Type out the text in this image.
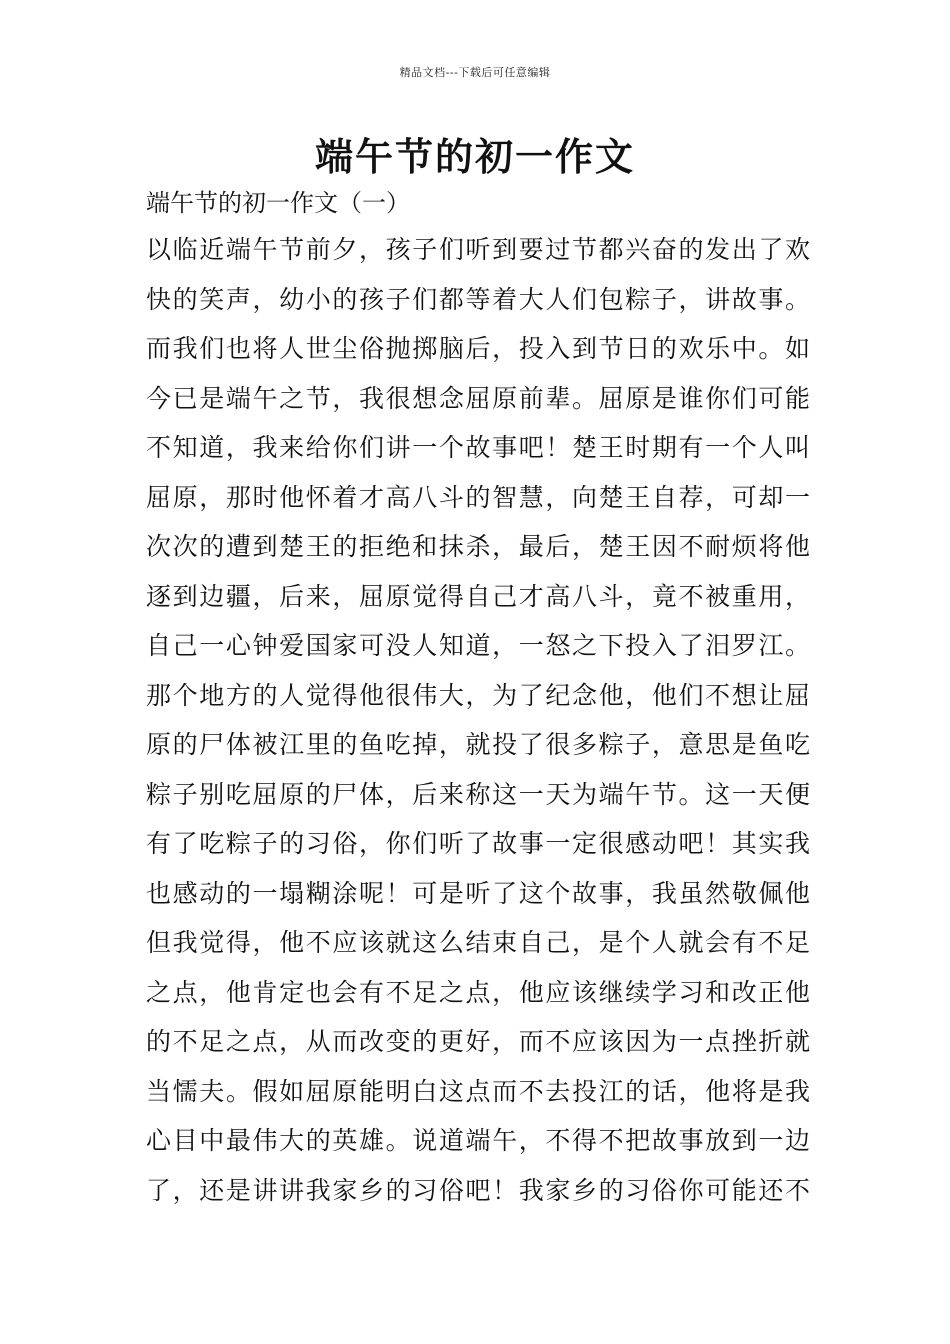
精品文档---下载后可任意编辑
端午节的初一作文
端午节的初一作文（一）
以临近端午节前夕，孩子们听到要过节都兴奋的发出了欢
快的笑声，幼小的孩子们都等着大人们包粽子，讲故事。
而我们也将人世尘俗抛掷脑后，投入到节日的欢乐中。如
今已是端午之节，我很想念屈原前辈。屈原是谁你们可能
不知道，我来给你们讲一个故事吧！楚王时期有一个人叫
屈原，那时他怀着才高八斗的智慧，向楚王自荐，可却一
次次的遭到楚王的拒绝和抹杀，最后，楚王因不耐烦将他
逐到边疆，后来，屈原觉得自己才高八斗，竟不被重用，
自己一心钟爱国家可没人知道，一怒之下投入了汨罗江。
那个地方的人觉得他很伟大，为了纪念他，他们不想让屈
原的尸体被江里的鱼吃掉，就投了很多粽子，意思是鱼吃
粽子别吃屈原的尸体，后来称这一天为端午节。这一天便
有了吃粽子的习俗，你们听了故事一定很感动吧！其实我
也感动的一塌糊涂呢！可是听了这个故事，我虽然敬佩他
但我觉得，他不应该就这么结束自己，是个人就会有不足
之点，他肯定也会有不足之点，他应该继续学习和改正他
的不足之点，从而改变的更好，而不应该因为一点挫折就
当懦夫。假如屈原能明白这点而不去投江的话，他将是我
心目中最伟大的英雄。说道端午，不得不把故事放到一边
了，还是讲讲我家乡的习俗吧！我家乡的习俗你可能还不
